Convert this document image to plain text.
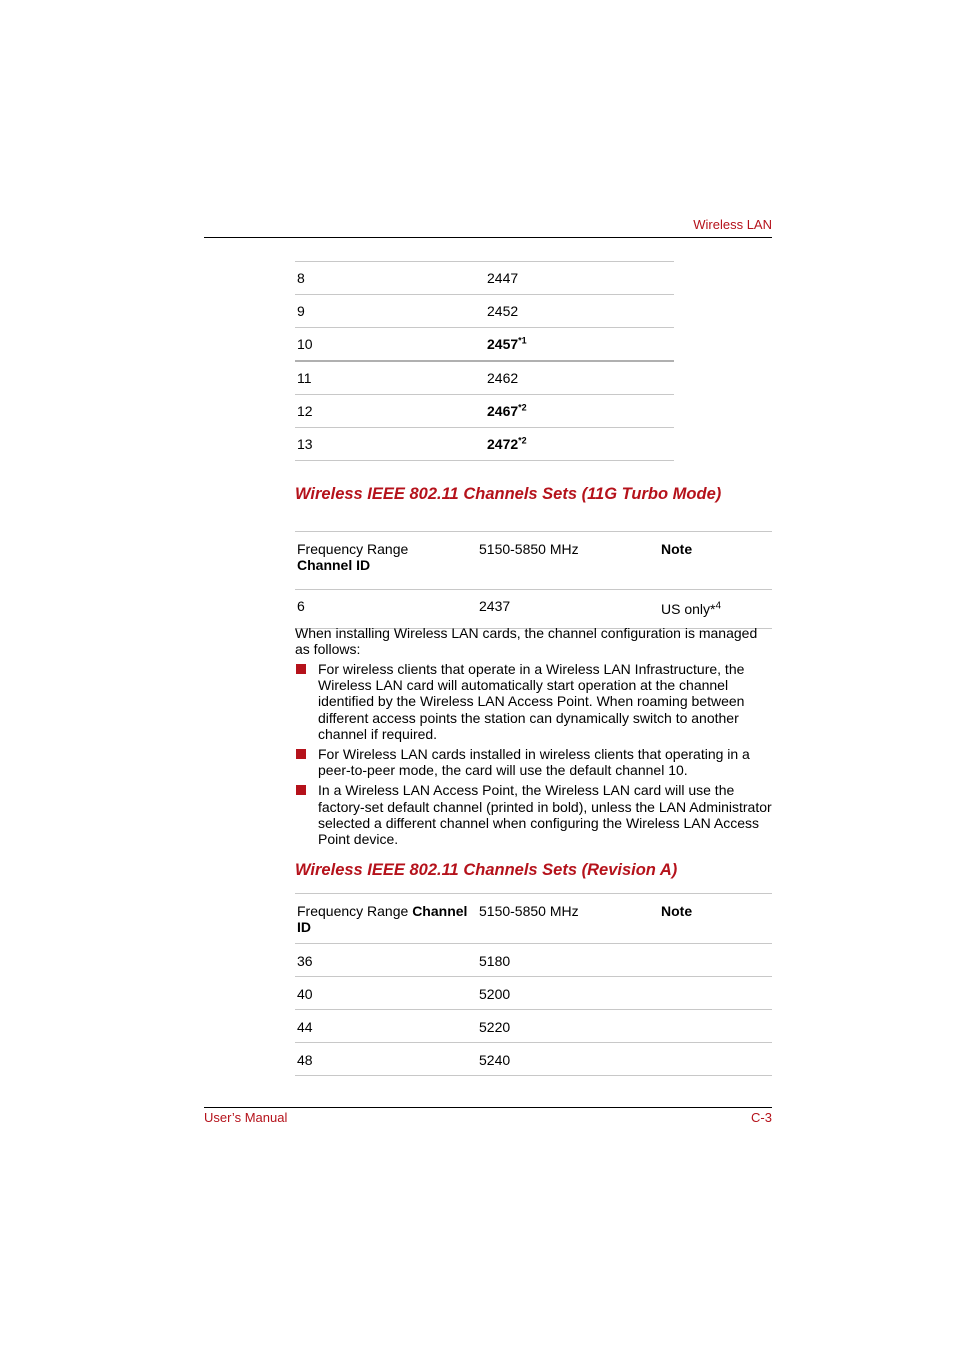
Wireless LAN
8	2447
9	2452
10	2457$^{*1}$
11	2462
12	2467$^{*2}$
13	2472$^{*2}$
Wireless IEEE 802.11 Channels Sets (11G Turbo Mode)
Frequency Range
Channel ID	5150-5850 MHz	Note
6	2437	US only*$^4$
When installing Wireless LAN cards, the channel configuration is managed as follows:
For wireless clients that operate in a Wireless LAN Infrastructure, the Wireless LAN card will automatically start operation at the channel identified by the Wireless LAN Access Point. When roaming between different access points the station can dynamically switch to another channel if required.
For Wireless LAN cards installed in wireless clients that operating in a peer-to-peer mode, the card will use the default channel 10.
In a Wireless LAN Access Point, the Wireless LAN card will use the factory-set default channel (printed in bold), unless the LAN Administrator selected a different channel when configuring the Wireless LAN Access Point device.
Wireless IEEE 802.11 Channels Sets (Revision A)
Frequency Range Channel
ID	5150-5850 MHz	Note
36	5180	
40	5200	
44	5220	
48	5240	
User’s Manual	C-3
